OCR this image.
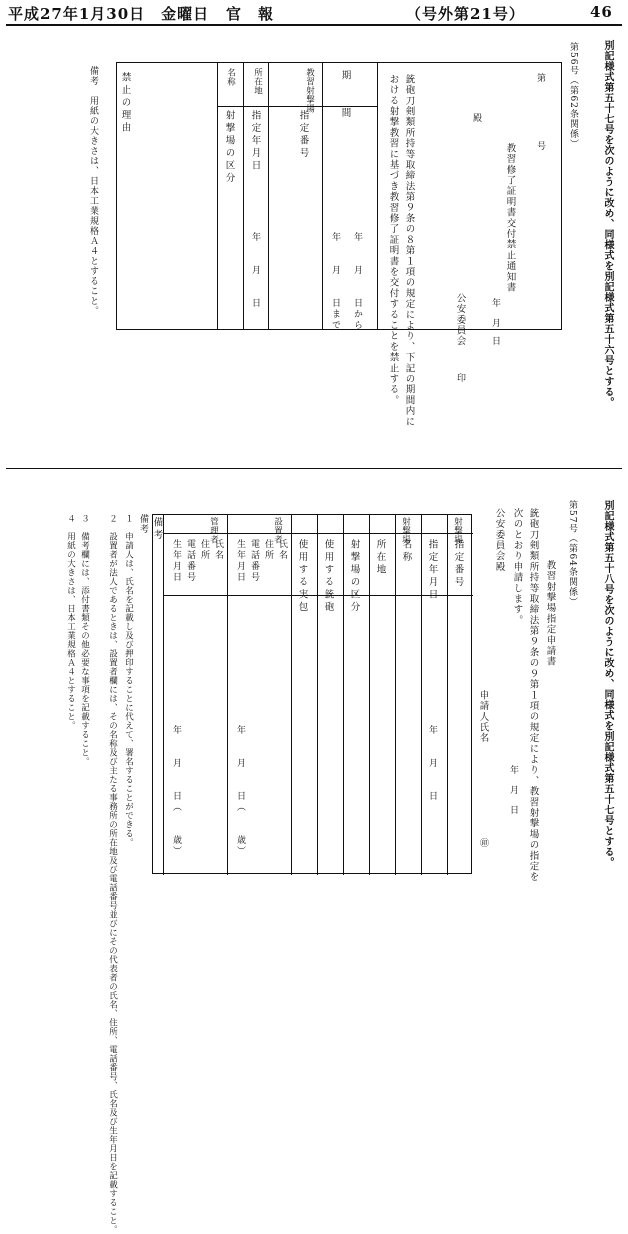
平成27年1月30日　金曜日 官　報	（号外第21号）	46
別記様式第五十七号を次のように改め、同様式を別記様式第五十六号とする。
第56号（第62条関係）
第
号
教習修了証明書交付禁止通知書
年
月
日
殿
公安委員会
印
銃砲刀剣類所持等取締法第９条の８第１項の規定により、下記の期間内に
おける射撃教習に基づき教習修了証明書を交付することを禁止する。
期　　間
年　　月　　日から
年　　月　　日まで
指定番号
指定年月日
年　　月　　日
射撃場の区分
教習射撃場
所在地
名称
禁止の理由
備考　用紙の大きさは、日本工業規格Ａ４とすること。
別記様式第五十八号を次のように改め、同様式を別記様式第五十七号とする。
第57号（第64条関係）
教習射撃場指定申請書
銃砲刀剣類所持等取締法第９条の９第１項の規定により、教習射撃場の指定を
次のとおり申請します。
年
月
日
公安委員会殿
申請人氏名
㊞
指定番号
指定年月日
年　　月　　日
名称
所在地
射撃場の区分
使用する銃砲
使用する実包
射撃場
射撃場
設置者
管理者
氏名
住所
電話番号
生年月日
年　　月　　日（　　歳）
氏名
住所
電話番号
生年月日
年　　月　　日（　　歳）
備考
備考
１　申請人は、氏名を記載し及び押印することに代えて、署名することができる。
２　設置者が法人であるときは、設置者欄には、その名称及び主たる事務所の所在地及び電話番号並びにその代表者の氏名、住所、電話番号、氏名及び生年月日を記載すること。
３　備考欄には、添付書類その他必要な事項を記載すること。
４　用紙の大きさは、日本工業規格Ａ４とすること。
